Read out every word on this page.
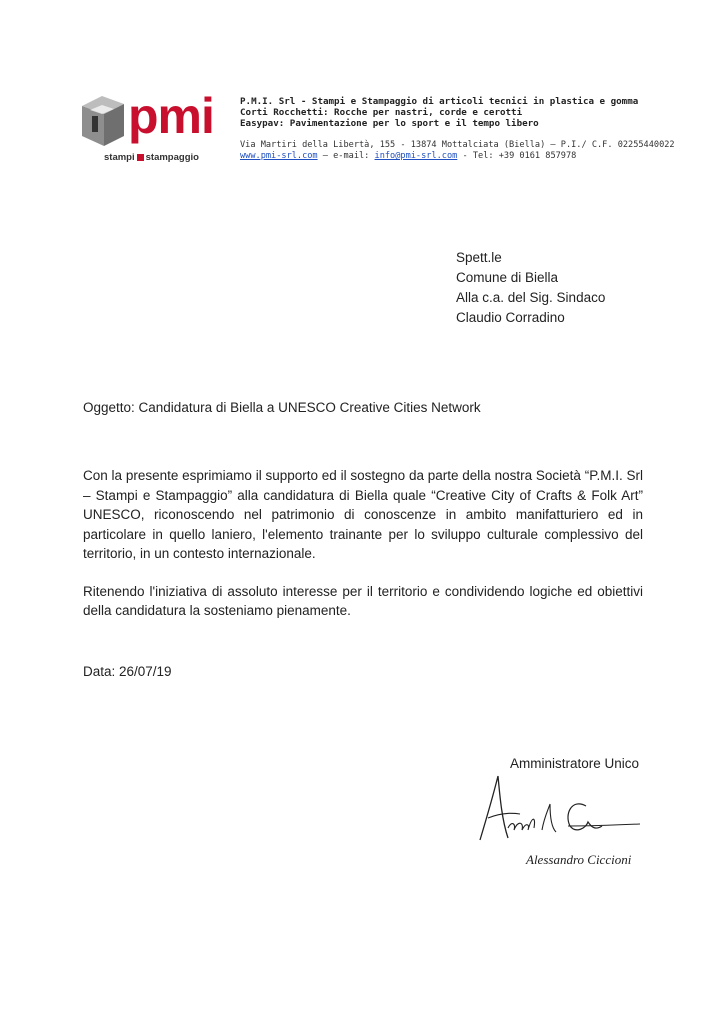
pmi
stampi stampaggio
P.M.I. Srl - Stampi e Stampaggio di articoli tecnici in plastica e gomma
Corti Rocchetti: Rocche per nastri, corde e cerotti
Easypav: Pavimentazione per lo sport e il tempo libero
Via Martiri della Libertà, 155 - 13874 Mottalciata (Biella) – P.I./ C.F. 02255440022
www.pmi-srl.com – e-mail: info@pmi-srl.com - Tel: +39 0161 857978
Spett.le
Comune di Biella
Alla c.a. del Sig. Sindaco
Claudio Corradino
Oggetto: Candidatura di Biella a UNESCO Creative Cities Network

Con la presente esprimiamo il supporto ed il sostegno da parte della nostra Società “P.M.I. Srl – Stampi e Stampaggio” alla candidatura di Biella quale “Creative City of Crafts & Folk Art” UNESCO, riconoscendo nel patrimonio di conoscenze in ambito manifatturiero ed in particolare in quello laniero, l'elemento trainante per lo sviluppo culturale complessivo del territorio, in un contesto internazionale.

Ritenendo l'iniziativa di assoluto interesse per il territorio e condividendo logiche ed obiettivi della candidatura la sosteniamo pienamente.

Data: 26/07/19
Amministratore Unico
Alessandro Ciccioni
